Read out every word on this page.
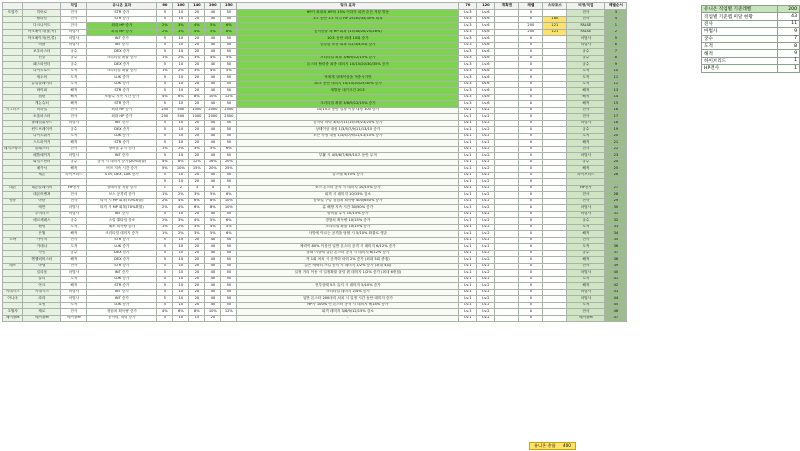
		직업	유니온 효과	60	100	140	200	250	링크 효과	70	120	계획엔	레벨	스타포스	비생/직업	레벨순서
모험가	히어로	전사	STR 증가	5	10	20	40	50	HP가 최대치 HP의 15% 이하가 되면 순간 저항 발동	Lv.3	Lv.6		0		전사	3
	팔라딘	전사	STR 증가	5	10	20	40	50	3초 동안 1초 마다 HP 25/30/35/30% 회복	Lv.3	Lv.6		0	180	전사	4
	다크나이트	전사	최대 HP 증가	2%	3%	4%	5%	6%		Lv.3	Lv.6		200	121	FALSE	1
	아크메이지(불,독)	마법사	최대 MP 증가	2%	3%	4%	5%	6%	공격받을 때 HP 회복 (15/18/20/25/28%)	Lv.3	Lv.6		200	121	FALSE	2
	아크메이지(썬,콜)	마법사	INT 증가	5	10	20	40	50	10초 동안 최대 10회 증가	Lv.3	Lv.6		0		마법사	5
	비숍	마법사	INT 증가	5	10	20	40	50	증강된 보상 회복 1/2/3/4/5회 증가	Lv.3	Lv.6		0		마법사	6
	보우마스터	궁수	DEX 증가	5	10	20	40	50		Lv.3	Lv.6		0		궁수	7
	신궁	궁수	크리티컬 확률 증가	1%	2%	3%	4%	5%	크리티컬 확률 3/6/9/12/15% 증가	Lv.3	Lv.6		0		궁수	8
	패스파인더	궁수	DEX 증가	5	10	20	40	50	몬스터 협력중 최종 데미지 10/15/20/30/35% 증가	Lv.3	Lv.6		0		궁수	9
	나이트로드	도적	크리티컬 확률 증가	1%	2%	3%	4%	5%		Lv.3	Lv.6		0		도적	10
	섀도어	도적	LUK 증가	5	10	20	40	50	적에게 상태이상을 적중시키면	Lv.3	Lv.6		0		도적	11
	듀얼블레이더	도적	LUK 증가	5	10	20	40	50	10초 동안 데미지 10/15/20/25/30% 증가	Lv.3	Lv.6		0		도적	12
	바이퍼	해적	STR 증가	5	10	20	40	50	재발동 대기시간 20초	Lv.3	Lv.6		0		해적	13
	캡틴	해적	소환수 지속 시간 증가	4%	6%	8%	10%	12%		Lv.3	Lv.6		0		해적	14
	캐논슈터	해적	STR 증가	5	10	20	40	50	크리티컬 확률 3/6/9/12/15% 증가	Lv.3	Lv.6		0		해적	15
시그너스	미하일	전사	최대 HP 증가	250	500	1000	2000	2500	10/15초 동안 일정 이상 내성 100 증가	Lv.1	Lv.2		0		전사	16
	소울마스터	전사	최대 HP 증가	250	500	1000	2000	2500		Lv.1	Lv.2		0		전사	17
	플레임위자드	마법사	INT 증가	5	10	20	40	50	공격력 마력 3/5/7/11/15/19/23/25% 증가	Lv.1	Lv.2		0		마법사	18
	윈드브레이커	궁수	DEX 증가	5	10	20	40	50	상태이상 내성 1/3/5/7/9/11/13/15 증가	Lv.1	Lv.2		0		궁수	19
	나이트워커	도적	LUK 증가	5	10	20	40	50	모든 속성 내성 1/3/5/7/9/11/13/15% 증가	Lv.1	Lv.2		0		도적	20
	스트라이커	해적	STR 증가	5	10	20	40	50		Lv.1	Lv.2		0		해적	21
레지스탕스	블래스터	전사	방어율 무시 증가	1%	2%	3%	5%	6%		Lv.1	Lv.2		0		전사	22
	배틀메이지	마법사	INT 증가	5	10	20	40	50	부활 시 4/5/6/7/8/9/10초 동안 무적	Lv.1	Lv.2		0		마법사	23
	와일드헌터	궁수	공격 시 데미지 증가(20%확률)	4%	8%	12%	16%	20%		Lv.1	Lv.2		0		궁수	24
	메카닉	해적	버프 지속 시간 증가	5%	10%	15%	20%	25%		Lv.1	Lv.2		0		해적	25
	제논	하이브리드	STR, DEX, LUK 증가	5	10	20	40	50	올스탯 5/10% 증가	Lv.1	Lv.2		0		하이브리드	26
				5	10	20	40	50		Lv.1	Lv.2		0			
데몬	데몬슬레이어	HP전사	상태이상 저항 증가	1	2	3	4	5	보스 몬스터 공격 시 데미지 10/15% 증가	Lv.1	Lv.2		0		HP전사	27
	데몬어벤져	전사	보스 공격력 증가	1%	2%	3%	5%	6%	피격 시 데미지 10/15% 감소	Lv.1	Lv.2		0		전사	28
영웅	아란	전사	타격 시 HP 회복(70%확률)	2%	4%	6%	8%	10%	콤보킬 구슬 경험치 획득량 400/650% 증가	Lv.1	Lv.2		0		전사	29
	에반	마법사	타격 시 MP 회복(70%확률)	2%	4%	6%	8%	10%	룬 해방 지속 시간 30/50% 증가	Lv.1	Lv.2		0		마법사	30
	루미너스	마법사	INT 증가	5	10	20	40	50	방어율 무시 10/15% 증가	Lv.1	Lv.2		0		마법사	31
	메르세데스	궁수	스킬 쿨타임 감소	2%	3%	4%	5%	6%	경험치 획득량 10/15% 증가	Lv.1	Lv.2		0		궁수	32
	팬텀	도적	메소 획득량 증가	1%	2%	3%	4%	5%	크리티컬 확률 10/15% 증가	Lv.1	Lv.2		0		도적	33
	은월	해적	크리티컬 데미지 증가	1%	2%	3%	5%	6%	사망에 이르는 공격을 당할 시 5/10% 확률로 생존	Lv.1	Lv.2		0		해적	34
노바	카이저	전사	STR 증가	5	10	20	40	50		Lv.1	Lv.2		0		전사	35
	카데나	도적	LUK 증가	5	10	20	40	50	체력이 80% 이상인 일반 몬스터 공격 시 데미지 6/12% 증가	Lv.1	Lv.2		0		도적	36
	카인	궁수	DEX 증가	5	10	20	40	50	상태 이상에 걸린 몬스터 공격 시 데미지 6/12% 증가	Lv.1	Lv.2		0		궁수	37
	엔젤릭버스터	해적	DEX 증가	5	10	20	40	50	적 1회 처치 시 공격력 마력 2% 증가 (최대 5회 중첩)	Lv.1	Lv.2		0		해적	38
레프	아델	전사	STR 증가	5	10	20	40	50	같은 캐릭터 스킬 공격 시 데미지 1/2% 증가 (최대 4회)	Lv.1	Lv.2		0		전사	39
	일리움	마법사	INT 증가	5	10	20	40	50	일정 거리 이동 시 일정확률 홀딩 덴 데미지 1/2% 증가 (최대 6중첩)	Lv.1	Lv.2		0		마법사	40
	칼리	도적	LUK 증가	5	10	20	40	50		Lv.1	Lv.2		0		도적	41
	아크	해적	STR 증가	5	10	20	40	50	전투상태 5초 유지 시 데미지 5/10% 증가	Lv.1	Lv.2		0		해적	42
키네시스	키네시스	마법사	INT 증가	5	10	20	40	50	크리티컬 데미지 2/4% 증가	Lv.1	Lv.2		0		마법사	43
아니마	라라	마법사	INT 증가	5	10	20	40	50	일반 몬스터 200마리 처치 시 일정 시간 동안 데미지 증가	Lv.1	Lv.2		0		마법사	44
	호영	도적	LUK 증가	5	10	20	40	50	HP가 100% 인 몬스터 공격 시 데미지 9/14% 증가	Lv.1	Lv.2		0		도적	45
초월자	제로	전사	경험치 획득량 증가	4%	6%	8%	10%	12%	피격 데미지 3/6/9/12/15% 감소	Lv.1	Lv.2		0		전사	46
메이플M	메이플M	메이플M	공격력, 마력 증가	5	10	15	20		-	Lv.1	Lv.2		0		메이플M	47
유니온 총합 400
유니온 직업별 기준레벨	200
직업별 기준렙 미달 현황	43
전사	11
마법사	9
궁수	7
도적	8
해적	9
하이브리드	1
HP전사	1
